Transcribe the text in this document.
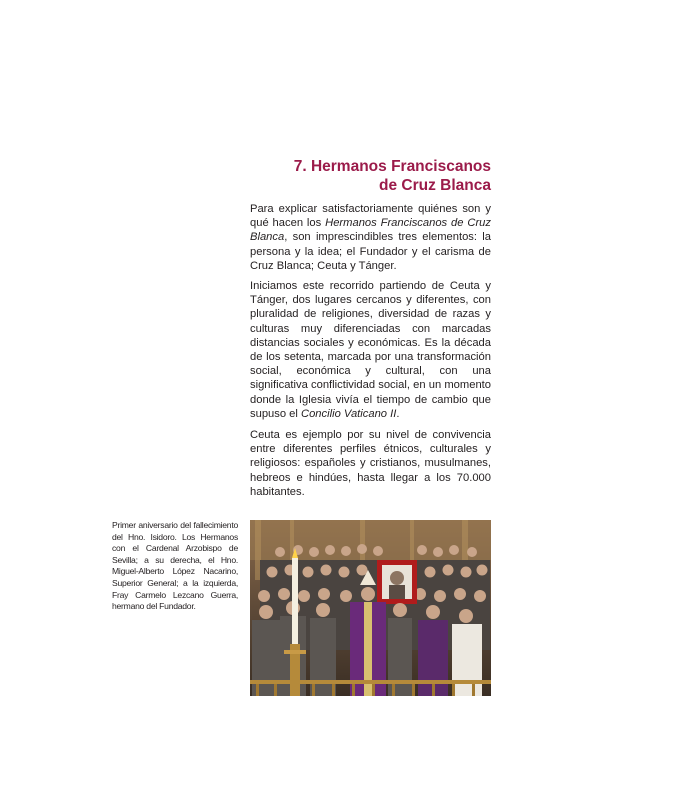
7. Hermanos Franciscanos
de Cruz Blanca

Para explicar satisfactoriamente quiénes son y qué hacen los Hermanos Franciscanos de Cruz Blanca, son imprescindibles tres elementos: la persona y la idea; el Fundador y el carisma de Cruz Blanca; Ceuta y Tánger.

Iniciamos este recorrido partiendo de Ceuta y Tánger, dos lugares cercanos y diferentes, con pluralidad de religiones, diversidad de razas y culturas muy diferenciadas con marcadas distancias sociales y económicas. Es la década de los setenta, marcada por una transformación social, económica y cultural, con una significativa conflictividad social, en un momento donde la Iglesia vivía el tiempo de cambio que supuso el Concilio Vaticano II.

Ceuta es ejemplo por su nivel de convivencia entre diferentes perfiles étnicos, culturales y religiosos: españoles y cristianos, musulmanes, hebreos e hindúes, hasta llegar a los 70.000 habitantes.

Primer aniversario del fallecimiento del Hno. Isidoro. Los Hermanos con el Cardenal Arzobispo de Sevilla; a su derecha, el Hno. Miguel-Alberto López Nacarino, Superior General; a la izquierda, Fray Carmelo Lezcano Guerra, hermano del Fundador.
